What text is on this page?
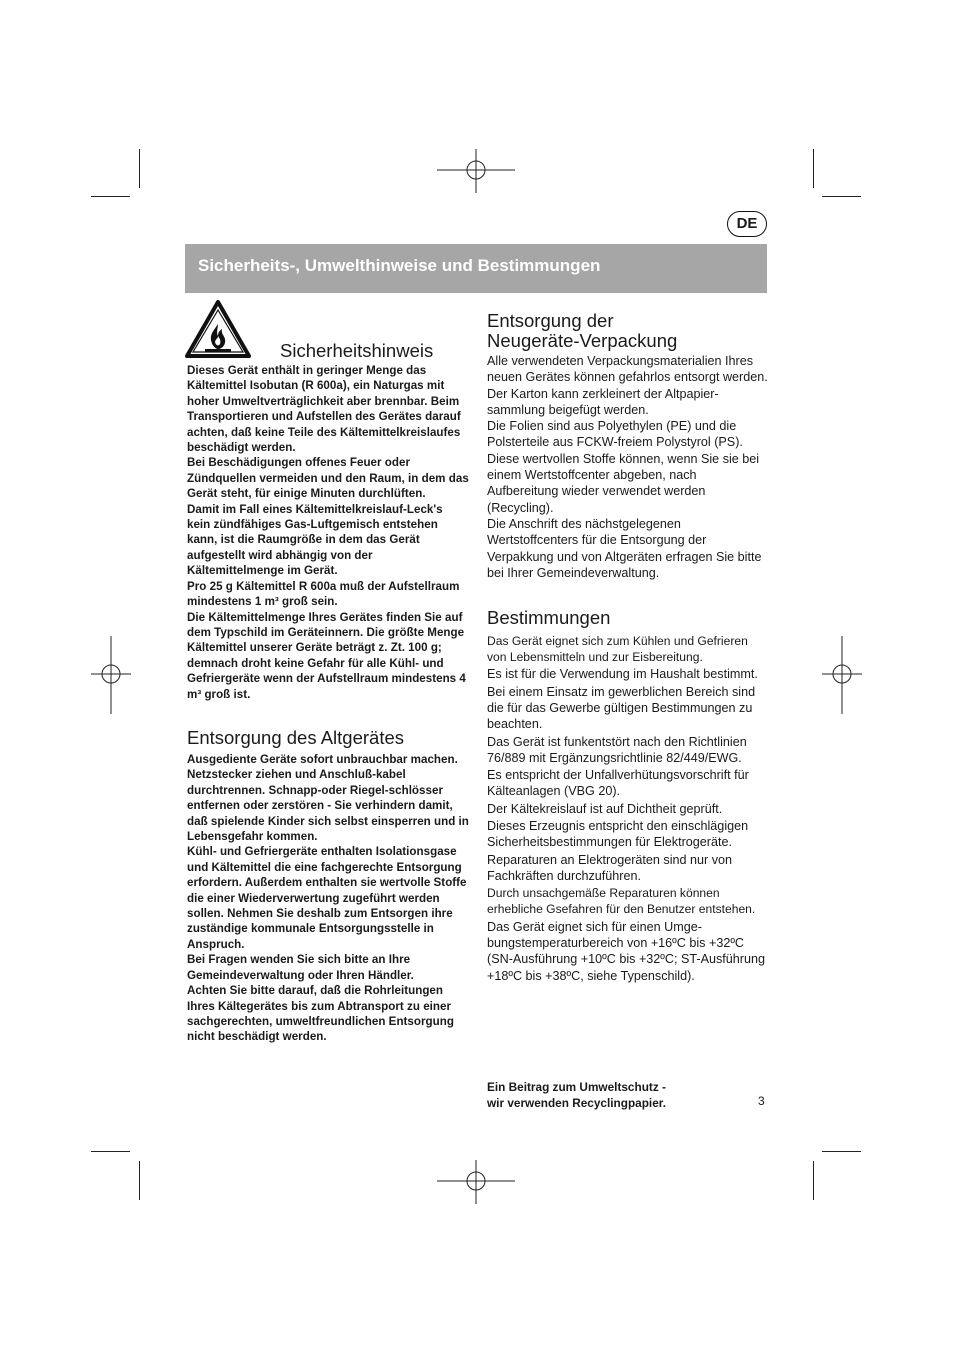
DE
Sicherheits-, Umwelthinweise und Bestimmungen
Sicherheitshinweis

Dieses Gerät enthält in geringer Menge das Kältemittel Isobutan (R 600a), ein Naturgas mit hoher Umweltverträglichkeit aber brennbar. Beim Transportieren und Aufstellen des Gerätes darauf achten, daß keine Teile des Kältemittelkreislaufes beschädigt werden.

Bei Beschädigungen offenes Feuer oder Zündquellen vermeiden und den Raum, in dem das Gerät steht, für einige Minuten durchlüften.

Damit im Fall eines Kältemittelkreislauf-Leck's kein zündfähiges Gas-Luftgemisch entstehen kann, ist die Raumgröße in dem das Gerät aufgestellt wird abhängig von der Kältemittelmenge im Gerät.

Pro 25 g Kältemittel R 600a muß der Aufstellraum mindestens 1 m³ groß sein.

Die Kältemittelmenge Ihres Gerätes finden Sie auf dem Typschild im Geräteinnern. Die größte Menge Kältemittel unserer Geräte beträgt z. Zt. 100 g; demnach droht keine Gefahr für alle Kühl- und Gefriergeräte wenn der Aufstellraum mindestens 4 m³ groß ist.

Entsorgung des Altgerätes

Ausgediente Geräte sofort unbrauchbar machen. Netzstecker ziehen und Anschluß-kabel durchtrennen. Schnapp-oder Riegel-schlösser entfernen oder zerstören - Sie verhindern damit, daß spielende Kinder sich selbst einsperren und in Lebensgefahr kommen.

Kühl- und Gefriergeräte enthalten Isolationsgase und Kältemittel die eine fachgerechte Entsorgung erfordern. Außerdem enthalten sie wertvolle Stoffe die einer Wiederverwertung zugeführt werden sollen. Nehmen Sie deshalb zum Entsorgen ihre zuständige kommunale Entsorgungsstelle in Anspruch.

Bei Fragen wenden Sie sich bitte an Ihre Gemeindeverwaltung oder Ihren Händler.

Achten Sie bitte darauf, daß die Rohrleitungen Ihres Kältegerätes bis zum Abtransport zu einer sachgerechten, umweltfreundlichen Entsorgung nicht beschädigt werden.

Entsorgung der
Neugeräte-Verpackung

Alle verwendeten Verpackungsmaterialien Ihres neuen Gerätes können gefahrlos entsorgt werden.

Der Karton kann zerkleinert der Altpapier-sammlung beigefügt werden.

Die Folien sind aus Polyethylen (PE) und die Polsterteile aus FCKW-freiem Polystyrol (PS).

Diese wertvollen Stoffe können, wenn Sie sie bei einem Wertstoffcenter abgeben, nach Aufbereitung wieder verwendet werden (Recycling).

Die Anschrift des nächstgelegenen Wertstoffcenters für die Entsorgung der Verpakkung und von Altgeräten erfragen Sie bitte bei Ihrer Gemeindeverwaltung.

Bestimmungen

Das Gerät eignet sich zum Kühlen und Gefrieren von Lebensmitteln und zur Eisbereitung.

Es ist für die Verwendung im Haushalt bestimmt.

Bei einem Einsatz im gewerblichen Bereich sind die für das Gewerbe gültigen Bestimmungen zu beachten.

Das Gerät ist funkentstört nach den Richtlinien 76/889 mit Ergänzungsrichtlinie 82/449/EWG.

Es entspricht der Unfallverhütungsvorschrift für Kälteanlagen (VBG 20).

Der Kältekreislauf ist auf Dichtheit geprüft.

Dieses Erzeugnis entspricht den einschlägigen Sicherheitsbestimmungen für Elektrogeräte.

Reparaturen an Elektrogeräten sind nur von Fachkräften durchzuführen.

Durch unsachgemäße Reparaturen können erhebliche Gsefahren für den Benutzer entstehen.

Das Gerät eignet sich für einen Umge-bungstemperaturbereich von +16ºC bis +32ºC (SN-Ausführung +10ºC bis +32ºC; ST-Ausführung +18ºC bis +38ºC, siehe Typenschild).

Ein Beitrag zum Umweltschutz -
wir verwenden Recyclingpapier.	3
